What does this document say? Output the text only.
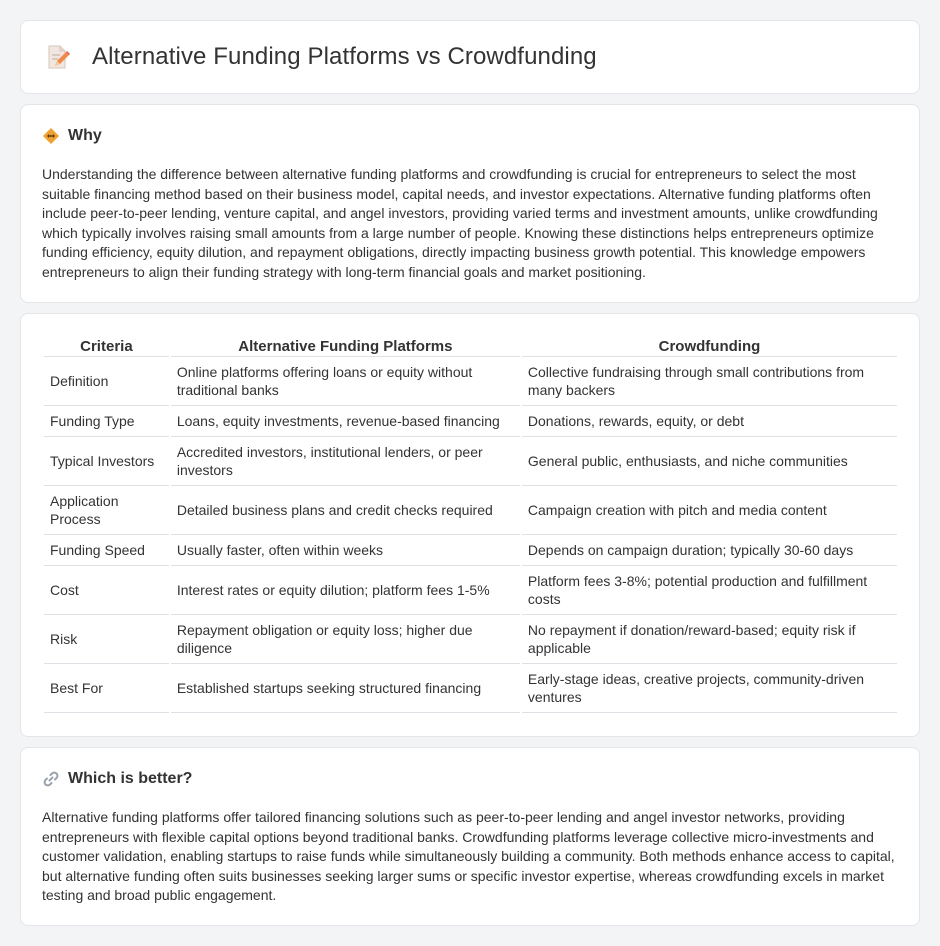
Alternative Funding Platforms vs Crowdfunding
Why

Understanding the difference between alternative funding platforms and crowdfunding is crucial for entrepreneurs to select the most suitable financing method based on their business model, capital needs, and investor expectations. Alternative funding platforms often include peer-to-peer lending, venture capital, and angel investors, providing varied terms and investment amounts, unlike crowdfunding which typically involves raising small amounts from a large number of people. Knowing these distinctions helps entrepreneurs optimize funding efficiency, equity dilution, and repayment obligations, directly impacting business growth potential. This knowledge empowers entrepreneurs to align their funding strategy with long-term financial goals and market positioning.

Criteria	Alternative Funding Platforms	Crowdfunding
Definition	Online platforms offering loans or equity without traditional banks	Collective fundraising through small contributions from many backers
Funding Type	Loans, equity investments, revenue-based financing	Donations, rewards, equity, or debt
Typical Investors	Accredited investors, institutional lenders, or peer investors	General public, enthusiasts, and niche communities
Application Process	Detailed business plans and credit checks required	Campaign creation with pitch and media content
Funding Speed	Usually faster, often within weeks	Depends on campaign duration; typically 30-60 days
Cost	Interest rates or equity dilution; platform fees 1-5%	Platform fees 3-8%; potential production and fulfillment costs
Risk	Repayment obligation or equity loss; higher due diligence	No repayment if donation/reward-based; equity risk if applicable
Best For	Established startups seeking structured financing	Early-stage ideas, creative projects, community-driven ventures
Which is better?

Alternative funding platforms offer tailored financing solutions such as peer-to-peer lending and angel investor networks, providing entrepreneurs with flexible capital options beyond traditional banks. Crowdfunding platforms leverage collective micro-investments and customer validation, enabling startups to raise funds while simultaneously building a community. Both methods enhance access to capital, but alternative funding often suits businesses seeking larger sums or specific investor expertise, whereas crowdfunding excels in market testing and broad public engagement.
